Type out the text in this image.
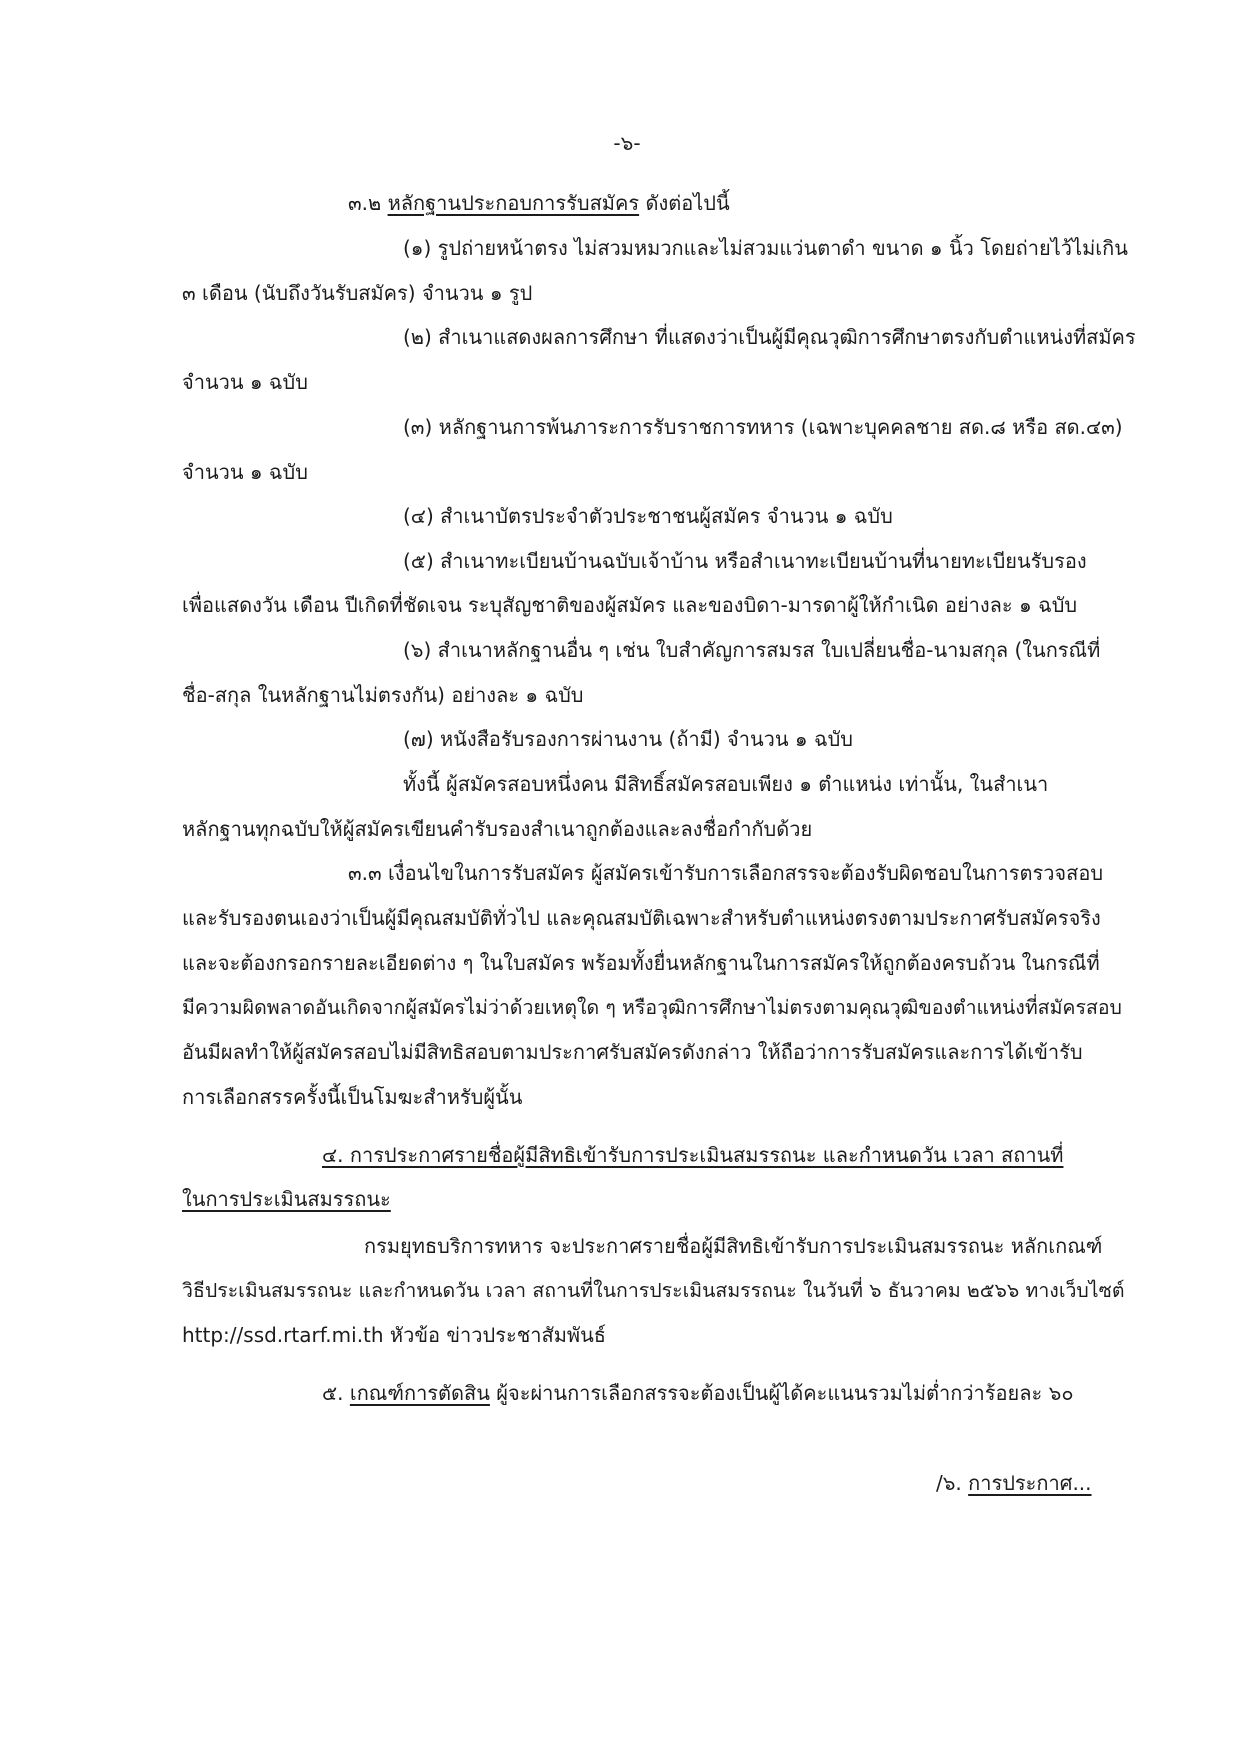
-๖-
๓.๒ หลักฐานประกอบการรับสมัคร ดังต่อไปนี้
(๑) รูปถ่ายหน้าตรง ไม่สวมหมวกและไม่สวมแว่นตาดำ ขนาด ๑ นิ้ว โดยถ่ายไว้ไม่เกิน
๓ เดือน (นับถึงวันรับสมัคร) จำนวน ๑ รูป
(๒) สำเนาแสดงผลการศึกษา ที่แสดงว่าเป็นผู้มีคุณวุฒิการศึกษาตรงกับตำแหน่งที่สมัคร
จำนวน ๑ ฉบับ
(๓) หลักฐานการพ้นภาระการรับราชการทหาร (เฉพาะบุคคลชาย สด.๘ หรือ สด.๔๓)
จำนวน ๑ ฉบับ
(๔) สำเนาบัตรประจำตัวประชาชนผู้สมัคร จำนวน ๑ ฉบับ
(๕) สำเนาทะเบียนบ้านฉบับเจ้าบ้าน หรือสำเนาทะเบียนบ้านที่นายทะเบียนรับรอง
เพื่อแสดงวัน เดือน ปีเกิดที่ชัดเจน ระบุสัญชาติของผู้สมัคร และของบิดา-มารดาผู้ให้กำเนิด อย่างละ ๑ ฉบับ
(๖) สำเนาหลักฐานอื่น ๆ เช่น ใบสำคัญการสมรส ใบเปลี่ยนชื่อ-นามสกุล (ในกรณีที่
ชื่อ-สกุล ในหลักฐานไม่ตรงกัน) อย่างละ ๑ ฉบับ
(๗) หนังสือรับรองการผ่านงาน (ถ้ามี) จำนวน ๑ ฉบับ
ทั้งนี้ ผู้สมัครสอบหนึ่งคน มีสิทธิ์สมัครสอบเพียง ๑ ตำแหน่ง เท่านั้น, ในสำเนา
หลักฐานทุกฉบับให้ผู้สมัครเขียนคำรับรองสำเนาถูกต้องและลงชื่อกำกับด้วย
๓.๓ เงื่อนไขในการรับสมัคร ผู้สมัครเข้ารับการเลือกสรรจะต้องรับผิดชอบในการตรวจสอบ
และรับรองตนเองว่าเป็นผู้มีคุณสมบัติทั่วไป และคุณสมบัติเฉพาะสำหรับตำแหน่งตรงตามประกาศรับสมัครจริง
และจะต้องกรอกรายละเอียดต่าง ๆ ในใบสมัคร พร้อมทั้งยื่นหลักฐานในการสมัครให้ถูกต้องครบถ้วน ในกรณีที่
มีความผิดพลาดอันเกิดจากผู้สมัครไม่ว่าด้วยเหตุใด ๆ หรือวุฒิการศึกษาไม่ตรงตามคุณวุฒิของตำแหน่งที่สมัครสอบ
อันมีผลทำให้ผู้สมัครสอบไม่มีสิทธิสอบตามประกาศรับสมัครดังกล่าว ให้ถือว่าการรับสมัครและการได้เข้ารับ
การเลือกสรรครั้งนี้เป็นโมฆะสำหรับผู้นั้น
๔. การประกาศรายชื่อผู้มีสิทธิเข้ารับการประเมินสมรรถนะ และกำหนดวัน เวลา สถานที่
ในการประเมินสมรรถนะ
กรมยุทธบริการทหาร จะประกาศรายชื่อผู้มีสิทธิเข้ารับการประเมินสมรรถนะ หลักเกณฑ์
วิธีประเมินสมรรถนะ และกำหนดวัน เวลา สถานที่ในการประเมินสมรรถนะ ในวันที่ ๖ ธันวาคม ๒๕๖๖ ทางเว็บไซต์
http://ssd.rtarf.mi.th หัวข้อ ข่าวประชาสัมพันธ์
๕. เกณฑ์การตัดสิน ผู้จะผ่านการเลือกสรรจะต้องเป็นผู้ได้คะแนนรวมไม่ต่ำกว่าร้อยละ ๖๐
/๖. การประกาศ...
